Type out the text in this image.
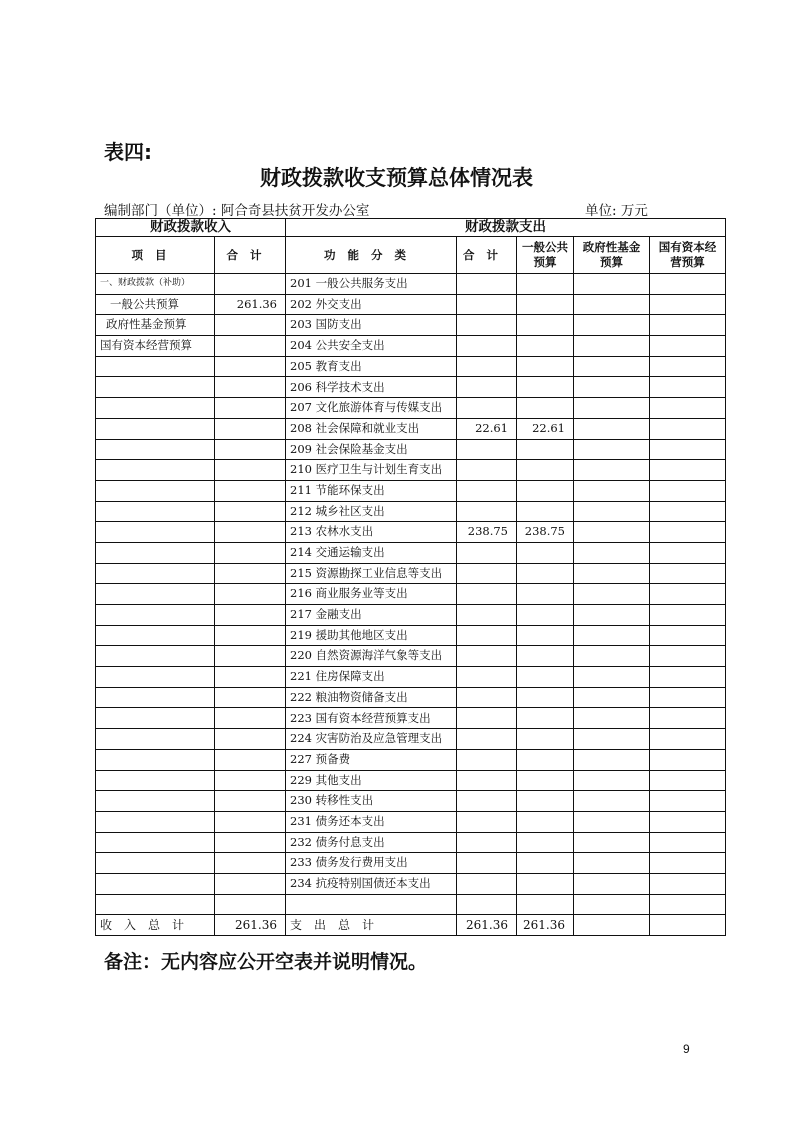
表四:
财政拨款收支预算总体情况表
编制部门（单位）: 阿合奇县扶贫开发办公室	单位: 万元
财政拨款收入		财政拨款支出				
项目	合计	功能分类	合计	一般公共预算	政府性基金预算	国有资本经营预算
一、财政拨款（补助）		201 一般公共服务支出				
一般公共预算	261.36	202 外交支出				
政府性基金预算		203 国防支出				
国有资本经营预算		204 公共安全支出				
		205 教育支出				
		206 科学技术支出				
		207 文化旅游体育与传媒支出				
		208 社会保障和就业支出	22.61	22.61		
		209 社会保险基金支出				
		210 医疗卫生与计划生育支出				
		211 节能环保支出				
		212 城乡社区支出				
		213 农林水支出	238.75	238.75		
		214 交通运输支出				
		215 资源勘探工业信息等支出				
		216 商业服务业等支出				
		217 金融支出				
		219 援助其他地区支出				
		220 自然资源海洋气象等支出				
		221 住房保障支出				
		222 粮油物资储备支出				
		223 国有资本经营预算支出				
		224 灾害防治及应急管理支出				
		227 预备费				
		229 其他支出				
		230 转移性支出				
		231 债务还本支出				
		232 债务付息支出				
		233 债务发行费用支出				
		234 抗疫特别国债还本支出				

收入总计	261.36	支出总计	261.36	261.36		
备注：无内容应公开空表并说明情况。
9
